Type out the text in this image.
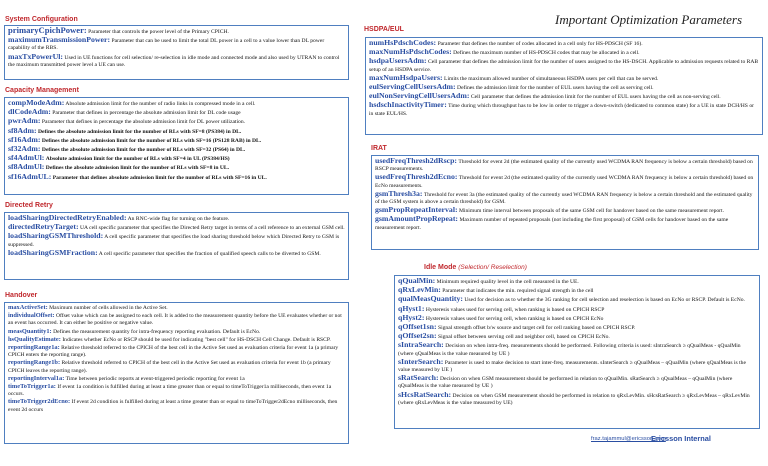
Important Optimization Parameters
System Configuration
primaryCpichPower: Parameter that controls the power level of the Primary CPICH.
maximumTransmissionPower: Parameter that can be used to limit the total DL power in a cell to a value lower than DL power capability of the RBS.
maxTxPowerUl: Used in UE functions for cell selection/ re-selection in idle mode and connected mode and also used by UTRAN to control the maximum transmitted power level a UE can use.
Capacity Management
compModeAdm: Absolute admission limit for the number of radio links in compressed mode in a cell.
dlCodeAdm: Parameter that defines in percentage the absolute admission limit for DL code usage
pwrAdm: Parameter that defines in percentage the absolute admission limit for DL power utilization.
sf8Adm: Defines the absolute admission limit for the number of RLs with SF=8 (PS384) in DL.
sf16Adm: Defines the absolute admission limit for the number of RLs with SF=16 (PS128 RAB) in DL.
sf32Adm: Defines the absolute admission limit for the number of RLs with SF=32 (PS64) in DL.
sf4AdmUl: Absolute admission limit for the number of RLs with SF=4 in UL (PS384/HS)
sf8AdmUl: Defines the absolute admission limit for the number of RLs with SF=8 in UL.
sf16AdmUL: Parameter that defines absolute admission limit for the number of RLs with SF=16 in UL.
Directed Retry
loadSharingDirectedRetryEnabled: An RNC-wide flag for turning on the feature.
directedRetryTarget: UA cell specific parameter that specifies the Directed Retry target in terms of a cell reference to an external GSM cell.
loadSharingGSMThreshold: A cell specific parameter that specifies the load sharing threshold below which Directed Retry to GSM is suppressed.
loadSharingGSMFraction: A cell specific parameter that specifies the fraction of qualified speech calls to be diverted to GSM.
Handover
maxActiveSet: Maximum number of cells allowed in the Active Set.
individualOffset: Offset value which can be assigned to each cell. It is added to the measurement quantity before the UE evaluates whether or not an event has occurred. It can either be positive or negative value.
measQuantity1: Defines the measurement quantity for intra-frequency reporting evaluation. Default is EcNo.
hsQualityEstimate: Indicates whether EcNo or RSCP should be used for indicating "best cell" for HS-DSCH Cell Change. Default is RSCP.
reportingRange1a: Relative threshold referred to the CPICH of the best cell in the Active Set used as evaluation criteria for event 1a (a primary CPICH enters the reporting range).
reportingRange1b: Relative threshold referred to CPICH of the best cell in the Active Set used as evaluation criteria for event 1b (a primary CPICH leaves the reporting range).
reportingInterval1a: Time between periodic reports at event-triggered periodic reporting for event 1a
timeToTrigger1a: If event 1a condition is fulfilled during at least a time greater than or equal to timeToTrigger1a milliseconds, then event 1a occurs.
timeToTrigger2dEcno: If event 2d condition is fulfilled during at least a time greater than or equal to timeToTrigger2dEcno milliseconds, then event 2d occurs
HSDPA/EUL
numHsPdschCodes: Parameter that defines the number of codes allocated in a cell only for HS-PDSCH (SF 16).
maxNumHsPdschCodes: Defines the maximum number of HS-PDSCH codes that may be allocated in a cell.
hsdpaUsersAdm: Cell parameter that defines the admission limit for the number of users assigned to the HS-DSCH. Applicable to admission requests related to RAB setup of an HSDPA service.
maxNumHsdpaUsers: Limits the maximum allowed number of simultaneous HSDPA users per cell that can be served.
eulServingCellUsersAdm: Defines the admission limit for the number of EUL users having the cell as serving cell.
eulNonServingCellUsersAdm: Cell parameter that defines the admission limit for the number of EUL users having the cell as non-serving cell.
hsdschInactivityTimer: Time during which throughput has to be low in order to trigger a down-switch (dedicated to common state) for a UE in state DCH/HS or in state EUL/HS.
IRAT
usedFreqThresh2dRscp: Threshold for event 2d (the estimated quality of the currently used WCDMA RAN frequency is below a certain threshold) based on RSCP measurements.
usedFreqThresh2dEcno: Threshold for event 2d (the estimated quality of the currently used WCDMA RAN frequency is below a certain threshold) based on EcNo measurements.
gsmThresh3a: Threshold for event 3a (the estimated quality of the currently used WCDMA RAN frequency is below a certain threshold and the estimated quality of the GSM system is above a certain threshold) for GSM.
gsmPropRepeatInterval: Minimum time interval between proposals of the same GSM cell for handover based on the same measurement report.
gsmAmountPropRepeat: Maximum number of repeated proposals (not including the first proposal) of GSM cells for handover based on the same measurement report.
Idle Mode (Selection/ Reselection)
qQualMin: Minimum required quality level in the cell measured in the UE.
qRxLevMin: Parameter that indicates the min. required signal strength in the cell
qualMeasQuantity: Used for decision as to whether the 3G ranking for cell selection and reselection is based on EcNo or RSCP. Default is EcNo.
qHyst1: Hysteresis values used for serving cell, when ranking is based on CPICH RSCP
qHyst2: Hysteresis values used for serving cell, when ranking is based on CPICH EcNo
qOffset1sn: Signal strength offset b/w source and target cell for cell ranking based on CPICH RSCP.
qOffset2sn: Signal offset between serving cell and neighbor cell, based on CPICH EcNo.
sIntraSearch: Decision on when intra-freq. measurements should be performed. Following criteria is used: sIntraSearch ≥ qQualMeas - qQualMin (where qQualMeas is the value measured by UE )
sInterSearch: Parameter is used to make decision to start inter-freq. measurements. sInterSearch ≥ qQualMeas – qQualMin (where qQualMeas is the value measured by UE )
sRatSearch: Decision on when GSM measurement should be performed in relation to qQualMin. sRatSearch ≥ qQualMeas – qQualMin (where qQualMeas is the value measured by UE )
sHcsRatSearch: Decision on when GSM measurement should be performed in relation to qRxLevMin. sHcsRatSearch ≥ qRxLevMeas – qRxLevMin (where qRxLevMeas is the value measured by UE)
fraz.tajammul@ericsson.com
Ericsson Internal
